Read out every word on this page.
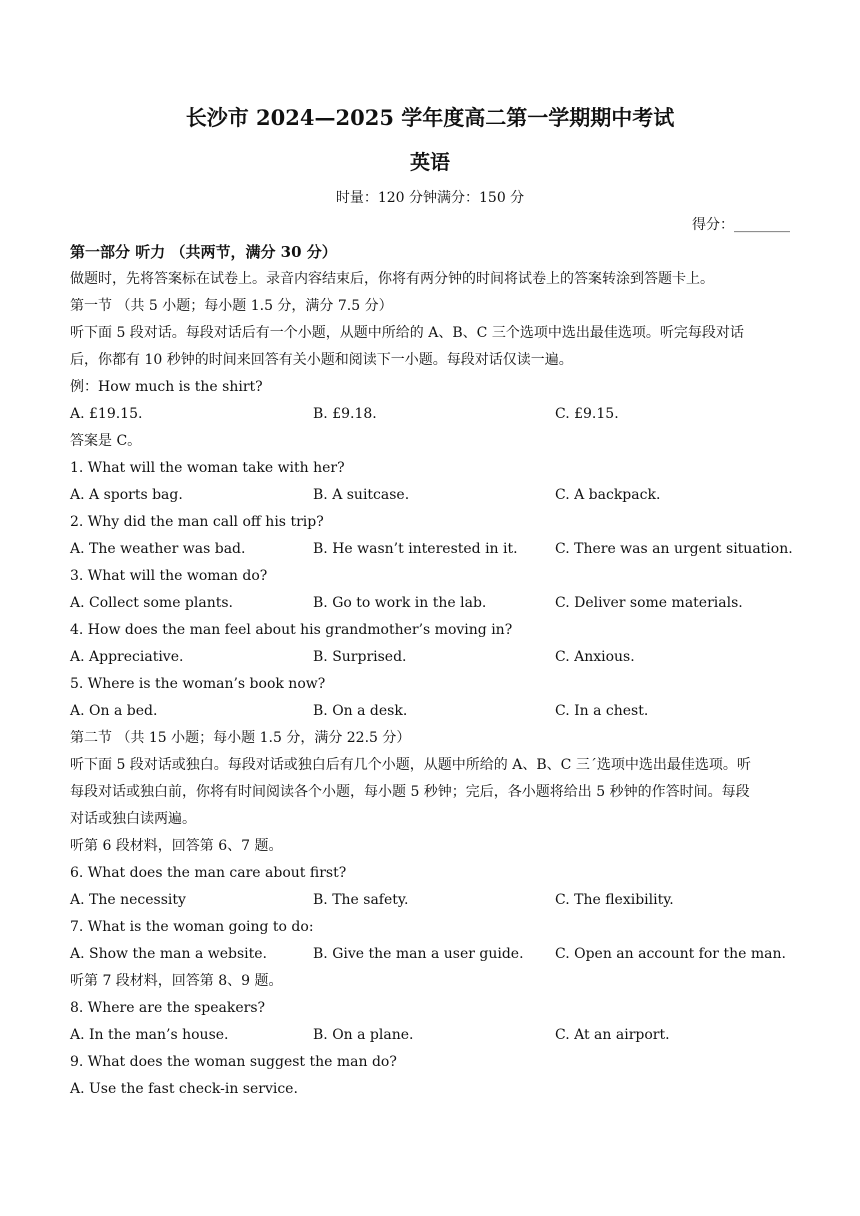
长沙市 2024—2025 学年度高二第一学期期中考试
英语
时量：120 分钟满分：150 分
得分：________
第一部分 听力 （共两节，满分 30 分）
做题时，先将答案标在试卷上。录音内容结束后，你将有两分钟的时间将试卷上的答案转涂到答题卡上。
第一节 （共 5 小题；每小题 1.5 分，满分 7.5 分）
听下面 5 段对话。每段对话后有一个小题，从题中所给的 A、B、C 三个选项中选出最佳选项。听完每段对话
后，你都有 10 秒钟的时间来回答有关小题和阅读下一小题。每段对话仅读一遍。
例：How much is the shirt?
A. £19.15.	B. £9.18.	C. £9.15.
答案是 C。
1. What will the woman take with her?
A. A sports bag.	B. A suitcase.	C. A backpack.
2. Why did the man call off his trip?
A. The weather was bad.	B. He wasn’t interested in it.	C. There was an urgent situation.
3. What will the woman do?
A. Collect some plants.	B. Go to work in the lab.	C. Deliver some materials.
4. How does the man feel about his grandmother’s moving in?
A. Appreciative.	B. Surprised.	C. Anxious.
5. Where is the woman’s book now?
A. On a bed.	B. On a desk.	C. In a chest.
第二节 （共 15 小题；每小题 1.5 分，满分 22.5 分）
听下面 5 段对话或独白。每段对话或独白后有几个小题，从题中所给的 A、B、C 三´选项中选出最佳选项。听
每段对话或独白前，你将有时间阅读各个小题，每小题 5 秒钟；完后，各小题将给出 5 秒钟的作答时间。每段
对话或独白读两遍。
听第 6 段材料，回答第 6、7 题。
6. What does the man care about first?
A. The necessity	B. The safety.	C. The flexibility.
7. What is the woman going to do:
A. Show the man a website.	B. Give the man a user guide. C. Open an account for the man.
听第 7 段材料，回答第 8、9 题。
8. Where are the speakers?
A. In the man’s house.	B. On a plane.	C. At an airport.
9. What does the woman suggest the man do?
A. Use the fast check-in service.
